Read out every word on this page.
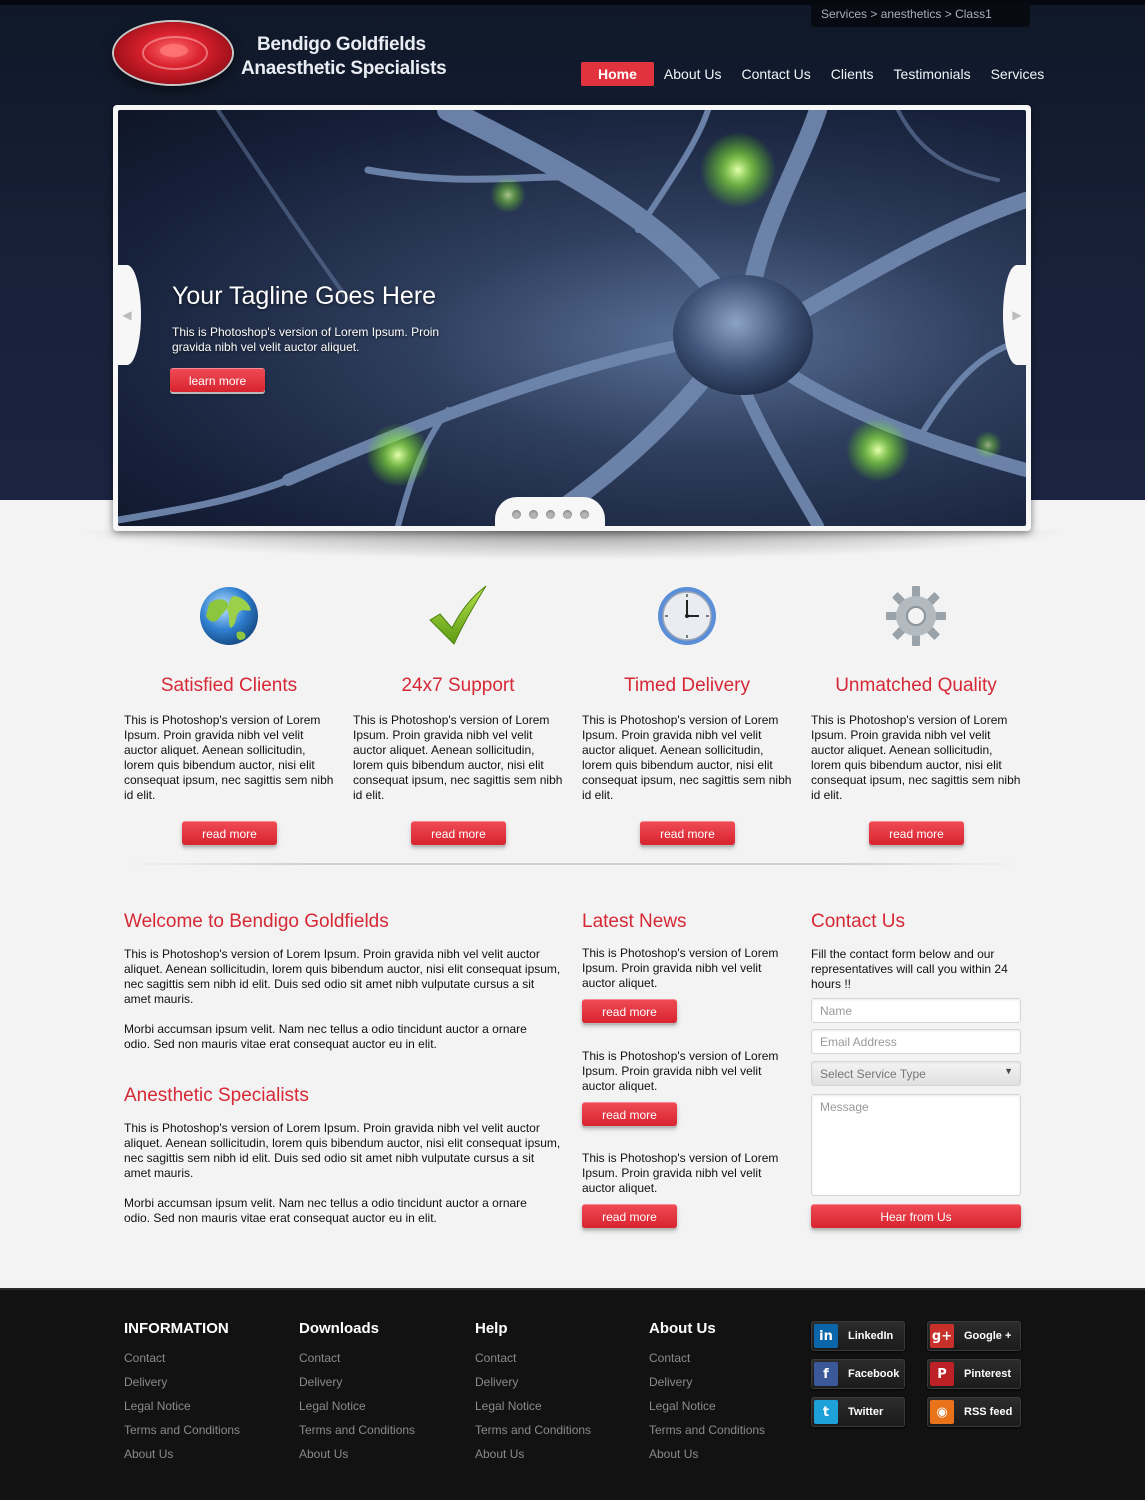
Services > anesthetics > Class1
Bendigo Goldfields
Anaesthetic Specialists	Home	About Us Contact Us Clients Testimonials Services
Your Tagline Goes Here
This is Photoshop's version of Lorem Ipsum. Proin gravida nibh vel velit auctor aliquet.
learn more
◀	▶
Satisfied Clients

This is Photoshop's version of Lorem Ipsum. Proin gravida nibh vel velit auctor aliquet. Aenean sollicitudin, lorem quis bibendum auctor, nisi elit consequat ipsum, nec sagittis sem nibh id elit.

read more
24x7 Support

This is Photoshop's version of Lorem Ipsum. Proin gravida nibh vel velit auctor aliquet. Aenean sollicitudin, lorem quis bibendum auctor, nisi elit consequat ipsum, nec sagittis sem nibh id elit.

read more
Timed Delivery

This is Photoshop's version of Lorem Ipsum. Proin gravida nibh vel velit auctor aliquet. Aenean sollicitudin, lorem quis bibendum auctor, nisi elit consequat ipsum, nec sagittis sem nibh id elit.

read more
Unmatched Quality

This is Photoshop's version of Lorem Ipsum. Proin gravida nibh vel velit auctor aliquet. Aenean sollicitudin, lorem quis bibendum auctor, nisi elit consequat ipsum, nec sagittis sem nibh id elit.

read more
Welcome to Bendigo Goldfields

This is Photoshop's version of Lorem Ipsum. Proin gravida nibh vel velit auctor aliquet. Aenean sollicitudin, lorem quis bibendum auctor, nisi elit consequat ipsum, nec sagittis sem nibh id elit. Duis sed odio sit amet nibh vulputate cursus a sit amet mauris.

Morbi accumsan ipsum velit. Nam nec tellus a odio tincidunt auctor a ornare odio. Sed non mauris vitae erat consequat auctor eu in elit.

Anesthetic Specialists

This is Photoshop's version of Lorem Ipsum. Proin gravida nibh vel velit auctor aliquet. Aenean sollicitudin, lorem quis bibendum auctor, nisi elit consequat ipsum, nec sagittis sem nibh id elit. Duis sed odio sit amet nibh vulputate cursus a sit amet mauris.

Morbi accumsan ipsum velit. Nam nec tellus a odio tincidunt auctor a ornare odio. Sed non mauris vitae erat consequat auctor eu in elit.

Latest News

This is Photoshop's version of Lorem Ipsum. Proin gravida nibh vel velit auctor aliquet.

read more

This is Photoshop's version of Lorem Ipsum. Proin gravida nibh vel velit auctor aliquet.

read more

This is Photoshop's version of Lorem Ipsum. Proin gravida nibh vel velit auctor aliquet.

read more
Contact Us

Fill the contact form below and our representatives will call you within 24 hours !!

Name
Email Address
Select Service Type	▼
Message
Hear from Us
INFORMATION
Contact
Delivery
Legal Notice
Terms and Conditions
About Us
Downloads
Contact
Delivery
Legal Notice
Terms and Conditions
About Us
Help
Contact
Delivery
Legal Notice
Terms and Conditions
About Us
About Us
Contact
Delivery
Legal Notice
Terms and Conditions
About Us
in	LinkedIn	g+ Google +
f	Facebook	P	Pinterest
t	Twitter	◉	RSS feed
